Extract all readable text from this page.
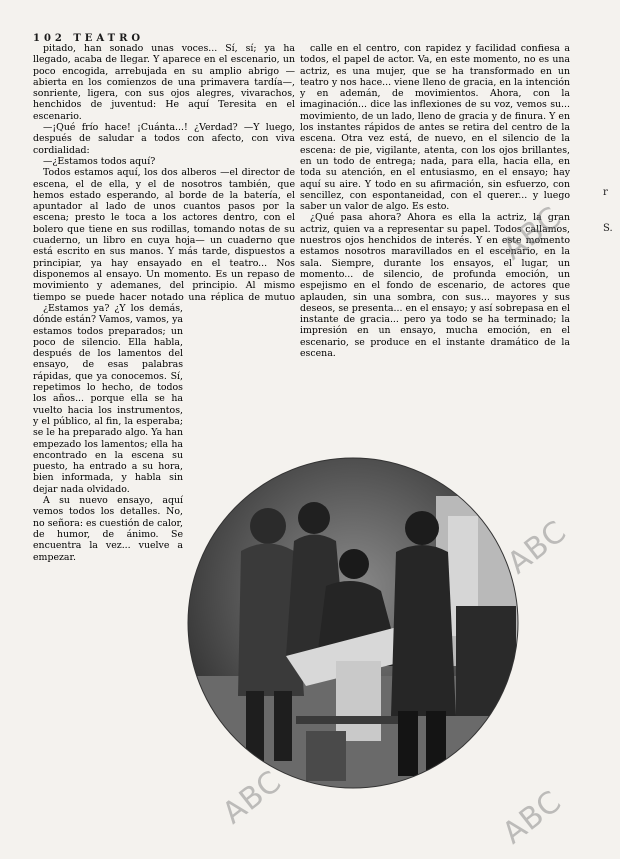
102 TEATRO

pitado, han sonado unas voces... Sí, sí; ya ha llegado, acaba de llegar. Y aparece en el escenario, un poco encogida, arrebujada en su amplio abrigo —abierta en los comienzos de una primavera tardía—, sonriente, ligera, con sus ojos alegres, vivarachos, henchidos de juventud: He aquí Teresita en el escenario.

—¡Qué frío hace! ¡Cuánta...! ¿Verdad? —Y luego, después de saludar a todos con afecto, con viva cordialidad:

—¿Estamos todos aquí?

Todos estamos aquí, los dos alberos —el director de escena, el de ella, y el de nosotros también, que hemos estado esperando, al borde de la batería, el apuntador al lado de unos cuantos pasos por la escena; presto le toca a los actores dentro, con el bolero que tiene en sus rodillas, tomando notas de su cuaderno, un libro en cuya hoja— un cuaderno que está escrito en sus manos. Y más tarde, dispuestos a principiar, ya hay ensayado en el teatro... Nos disponemos al ensayo. Un momento. Es un repaso de movimiento y ademanes, del principio. Al mismo tiempo se puede hacer notado una réplica de mutuo

calle en el centro, con rapidez y facilidad confiesa a todos, el papel de actor. Va, en este momento, no es una actriz, es una mujer, que se ha transformado en un teatro y nos hace... viene lleno de gracia, en la intención y en ademán, de movimientos. Ahora, con la imaginación... dice las inflexiones de su voz, vemos su... movimiento, de un lado, lleno de gracia y de finura. Y en los instantes rápidos de antes se retira del centro de la escena. Otra vez está, de nuevo, en el silencio de la escena: de pie, vigilante, atenta, con los ojos brillantes, en un todo de entrega; nada, para ella, hacia ella, en toda su atención, en el entusiasmo, en el ensayo; hay aquí su aire. Y todo en su afirmación, sin esfuerzo, con sencillez, con espontaneidad, con el querer... y luego saber un valor de algo. Es esto.

¿Qué pasa ahora? Ahora es ella la actriz, la gran actriz, quien va a representar su papel. Todos callamos, nuestros ojos henchidos de interés. Y en este momento estamos nosotros maravillados en el escenario, en la sala. Siempre, durante los ensayos, el lugar, un momento... de silencio, de profunda emoción, un espejismo en el fondo de escenario, de actores que aplauden, sin una sombra, con sus... mayores y sus deseos, se presenta... en el ensayo; y así sobrepasa en el instante de gracia... pero ya todo se ha terminado; la impresión en un ensayo, mucha emoción, en el escenario, se produce en el instante dramático de la escena.

¿Estamos ya? ¿Y los demás, dónde están? Vamos, vamos, ya estamos todos preparados; un poco de silencio. Ella habla, después de los lamentos del ensayo, de esas palabras rápidas, que ya conocemos. Sí, repetimos lo hecho, de todos los años... porque ella se ha vuelto hacia los instrumentos, y el público, al fin, la esperaba; se le ha preparado algo. Ya han empezado los lamentos; ella ha encontrado en la escena su puesto, ha entrado a su hora, bien informada, y habla sin dejar nada olvidado.

A su nuevo ensayo, aquí vemos todos los detalles. No, no señora: es cuestión de calor, de humor, de ánimo. Se encuentra la vez... vuelve a empezar.

r
S.
ABC
ABC
ABC	ABC
